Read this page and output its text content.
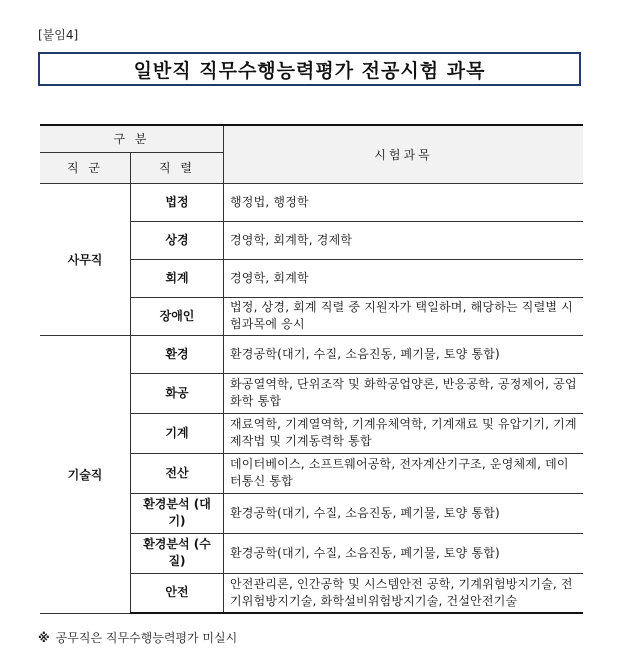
[붙임4]
일반직 직무수행능력평가 전공시험 과목
구 분		시험과목
직 군	직 렬	
사무직	법정	행정법, 행정학
	상경	경영학, 회계학, 경제학
	회계	경영학, 회계학
	장애인	법정, 상경, 회계 직렬 중 지원자가 택일하며, 해당하는 직렬별 시험과목에 응시
기술직	환경	환경공학(대기, 수질, 소음진동, 폐기물, 토양 통합)
	화공	화공열역학, 단위조작 및 화학공업양론, 반응공학, 공정제어, 공업화학 통합
	기계	재료역학, 기계열역학, 기계유체역학, 기계재료 및 유압기기, 기계제작법 및 기계동력학 통합
	전산	데이터베이스, 소프트웨어공학, 전자계산기구조, 운영체제, 데이터통신 통합
	환경분석 (대기)	환경공학(대기, 수질, 소음진동, 폐기물, 토양 통합)
	환경분석 (수질)	환경공학(대기, 수질, 소음진동, 폐기물, 토양 통합)
	안전	안전관리론, 인간공학 및 시스템안전 공학, 기계위험방지기술, 전기위험방지기술, 화학설비위험방지기술, 건설안전기술
※ 공무직은 직무수행능력평가 미실시
